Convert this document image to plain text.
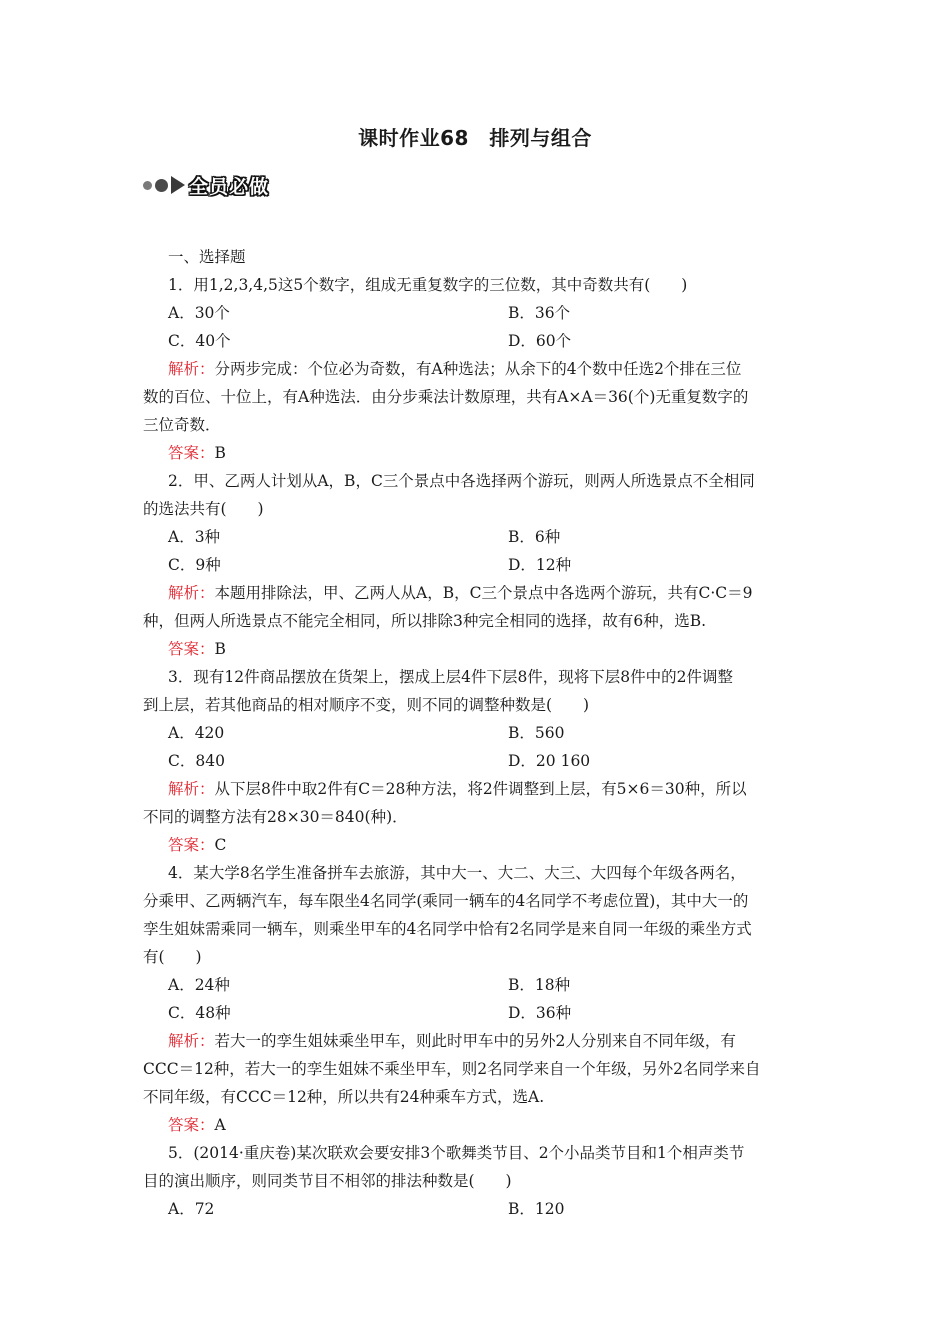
课时作业68　排列与组合
全员必做
一、选择题
1．用1,2,3,4,5这5个数字，组成无重复数字的三位数，其中奇数共有(　　)
A．30个	B．36个
C．40个	D．60个
解析：分两步完成：个位必为奇数，有A种选法；从余下的4个数中任选2个排在三位
数的百位、十位上，有A种选法．由分步乘法计数原理，共有A×A＝36(个)无重复数字的
三位奇数．
答案：B
2．甲、乙两人计划从A，B，C三个景点中各选择两个游玩，则两人所选景点不全相同
的选法共有(　　)
A．3种	B．6种
C．9种	D．12种
解析：本题用排除法，甲、乙两人从A，B，C三个景点中各选两个游玩，共有C·C＝9
种，但两人所选景点不能完全相同，所以排除3种完全相同的选择，故有6种，选B.
答案：B
3．现有12件商品摆放在货架上，摆成上层4件下层8件，现将下层8件中的2件调整
到上层，若其他商品的相对顺序不变，则不同的调整种数是(　　)
A．420	B．560
C．840	D．20 160
解析：从下层8件中取2件有C＝28种方法，将2件调整到上层，有5×6＝30种，所以
不同的调整方法有28×30＝840(种)．
答案：C
4．某大学8名学生准备拼车去旅游，其中大一、大二、大三、大四每个年级各两名，
分乘甲、乙两辆汽车，每车限坐4名同学(乘同一辆车的4名同学不考虑位置)，其中大一的
孪生姐妹需乘同一辆车，则乘坐甲车的4名同学中恰有2名同学是来自同一年级的乘坐方式
有(　　)
A．24种	B．18种
C．48种	D．36种
解析：若大一的孪生姐妹乘坐甲车，则此时甲车中的另外2人分别来自不同年级，有
CCC＝12种，若大一的孪生姐妹不乘坐甲车，则2名同学来自一个年级，另外2名同学来自
不同年级，有CCC＝12种，所以共有24种乘车方式，选A.
答案：A
5．(2014·重庆卷)某次联欢会要安排3个歌舞类节目、2个小品类节目和1个相声类节
目的演出顺序，则同类节目不相邻的排法种数是(　　)
A．72	B．120
